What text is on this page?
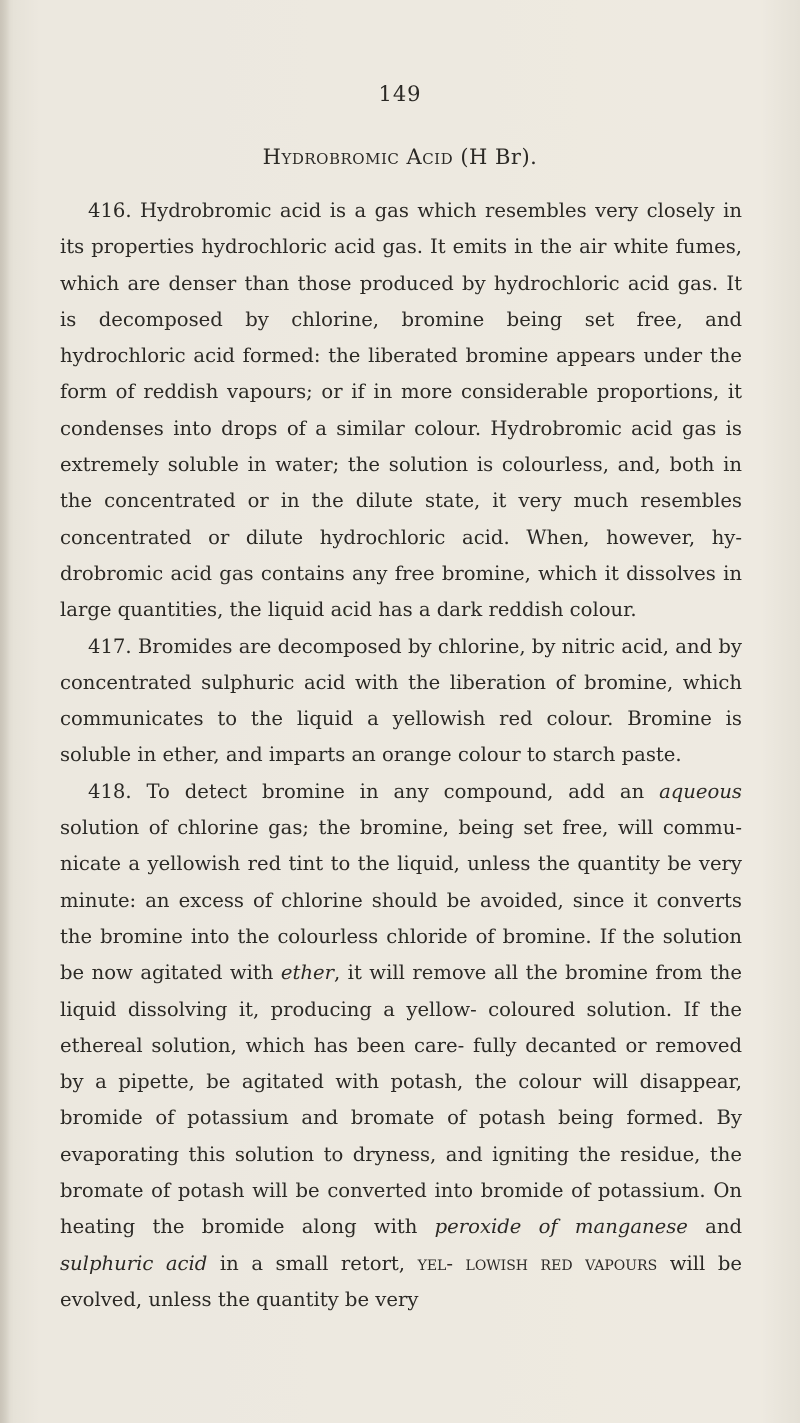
149
Hydrobromic Acid (H Br).

416. Hydrobromic acid is a gas which resembles very closely in its properties hydrochloric acid gas. It emits in the air white fumes, which are denser than those produced by hydrochloric acid gas. It is decomposed by chlorine, bromine being set free, and hydrochloric acid formed: the liberated bromine appears under the form of reddish vapours; or if in more considerable proportions, it condenses into drops of a similar colour. Hydrobromic acid gas is extremely soluble in water; the solution is colourless, and, both in the concentrated or in the dilute state, it very much resembles concentrated or dilute hydrochloric acid. When, however, hy- drobromic acid gas contains any free bromine, which it dissolves in large quantities, the liquid acid has a dark reddish colour.

417. Bromides are decomposed by chlorine, by nitric acid, and by concentrated sulphuric acid with the liberation of bromine, which communicates to the liquid a yellowish red colour. Bromine is soluble in ether, and imparts an orange colour to starch paste.

418. To detect bromine in any compound, add an aqueous solution of chlorine gas; the bromine, being set free, will commu- nicate a yellowish red tint to the liquid, unless the quantity be very minute: an excess of chlorine should be avoided, since it converts the bromine into the colourless chloride of bromine. If the solution be now agitated with ether, it will remove all the bromine from the liquid dissolving it, producing a yellow- coloured solution. If the ethereal solution, which has been care- fully decanted or removed by a pipette, be agitated with potash, the colour will disappear, bromide of potassium and bromate of potash being formed. By evaporating this solution to dryness, and igniting the residue, the bromate of potash will be converted into bromide of potassium. On heating the bromide along with peroxide of manganese and sulphuric acid in a small retort, yel- lowish red vapours will be evolved, unless the quantity be very
